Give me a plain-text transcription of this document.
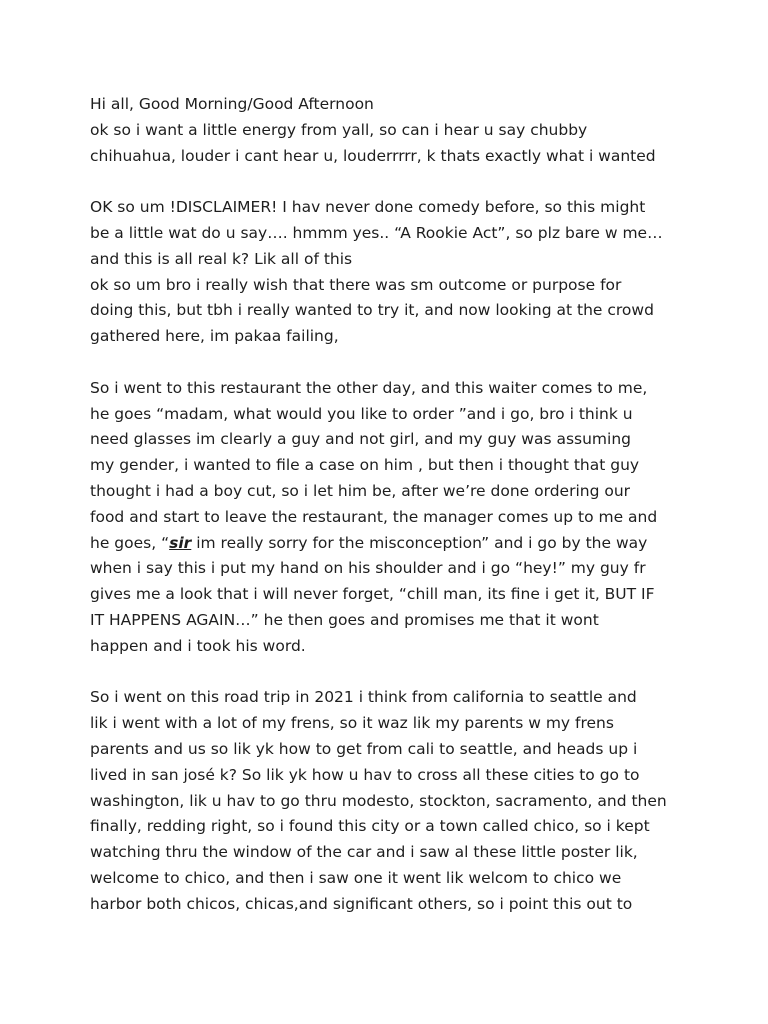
Hi all, Good Morning/Good Afternoon
ok so i want a little energy from yall, so can i hear u say chubby
chihuahua, louder i cant hear u, louderrrrr, k thats exactly what i wanted
OK so um !DISCLAIMER! I hav never done comedy before, so this might
be a little wat do u say…. hmmm yes.. “A Rookie Act”, so plz bare w me…
and this is all real k? Lik all of this
ok so um bro i really wish that there was sm outcome or purpose for
doing this, but tbh i really wanted to try it, and now looking at the crowd
gathered here, im pakaa failing,
So i went to this restaurant the other day, and this waiter comes to me,
he goes “madam, what would you like to order ”and i go, bro i think u
need glasses im clearly a guy and not girl, and my guy was assuming
my gender, i wanted to file a case on him , but then i thought that guy
thought i had a boy cut, so i let him be, after we’re done ordering our
food and start to leave the restaurant, the manager comes up to me and
he goes, “sir im really sorry for the misconception” and i go by the way
when i say this i put my hand on his shoulder and i go “hey!” my guy fr
gives me a look that i will never forget, “chill man, its fine i get it, BUT IF
IT HAPPENS AGAIN…” he then goes and promises me that it wont
happen and i took his word.
So i went on this road trip in 2021 i think from california to seattle and
lik i went with a lot of my frens, so it waz lik my parents w my frens
parents and us so lik yk how to get from cali to seattle, and heads up i
lived in san josé k? So lik yk how u hav to cross all these cities to go to
washington, lik u hav to go thru modesto, stockton, sacramento, and then
finally, redding right, so i found this city or a town called chico, so i kept
watching thru the window of the car and i saw al these little poster lik,
welcome to chico, and then i saw one it went lik welcom to chico we
harbor both chicos, chicas,and significant others, so i point this out to
